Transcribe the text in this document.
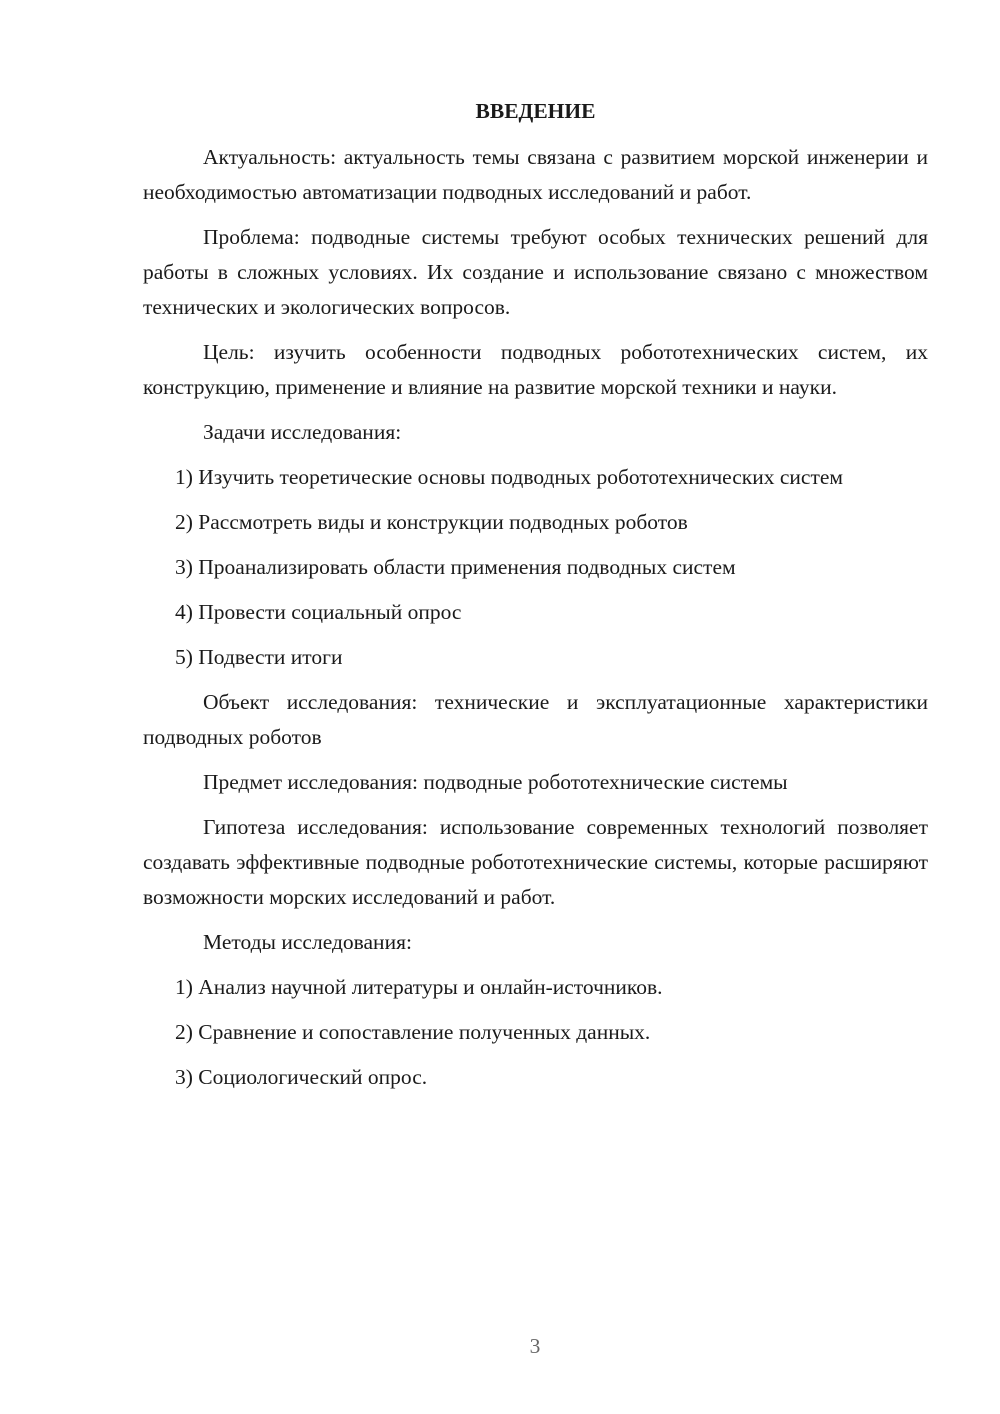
ВВЕДЕНИЕ

Актуальность: актуальность темы связана с развитием морской инженерии и необходимостью автоматизации подводных исследований и работ.

Проблема: подводные системы требуют особых технических решений для работы в сложных условиях. Их создание и использование связано с множеством технических и экологических вопросов.

Цель: изучить особенности подводных робототехнических систем, их конструкцию, применение и влияние на развитие морской техники и науки.

Задачи исследования:

1) Изучить теоретические основы подводных робототехнических систем

2) Рассмотреть виды и конструкции подводных роботов

3) Проанализировать области применения подводных систем

4) Провести социальный опрос

5) Подвести итоги

Объект исследования: технические и эксплуатационные характеристики подводных роботов

Предмет исследования: подводные робототехнические системы

Гипотеза исследования: использование современных технологий позволяет создавать эффективные подводные робототехнические системы, которые расширяют возможности морских исследований и работ.

Методы исследования:

1) Анализ научной литературы и онлайн-источников.

2) Сравнение и сопоставление полученных данных.

3) Социологический опрос.

3
